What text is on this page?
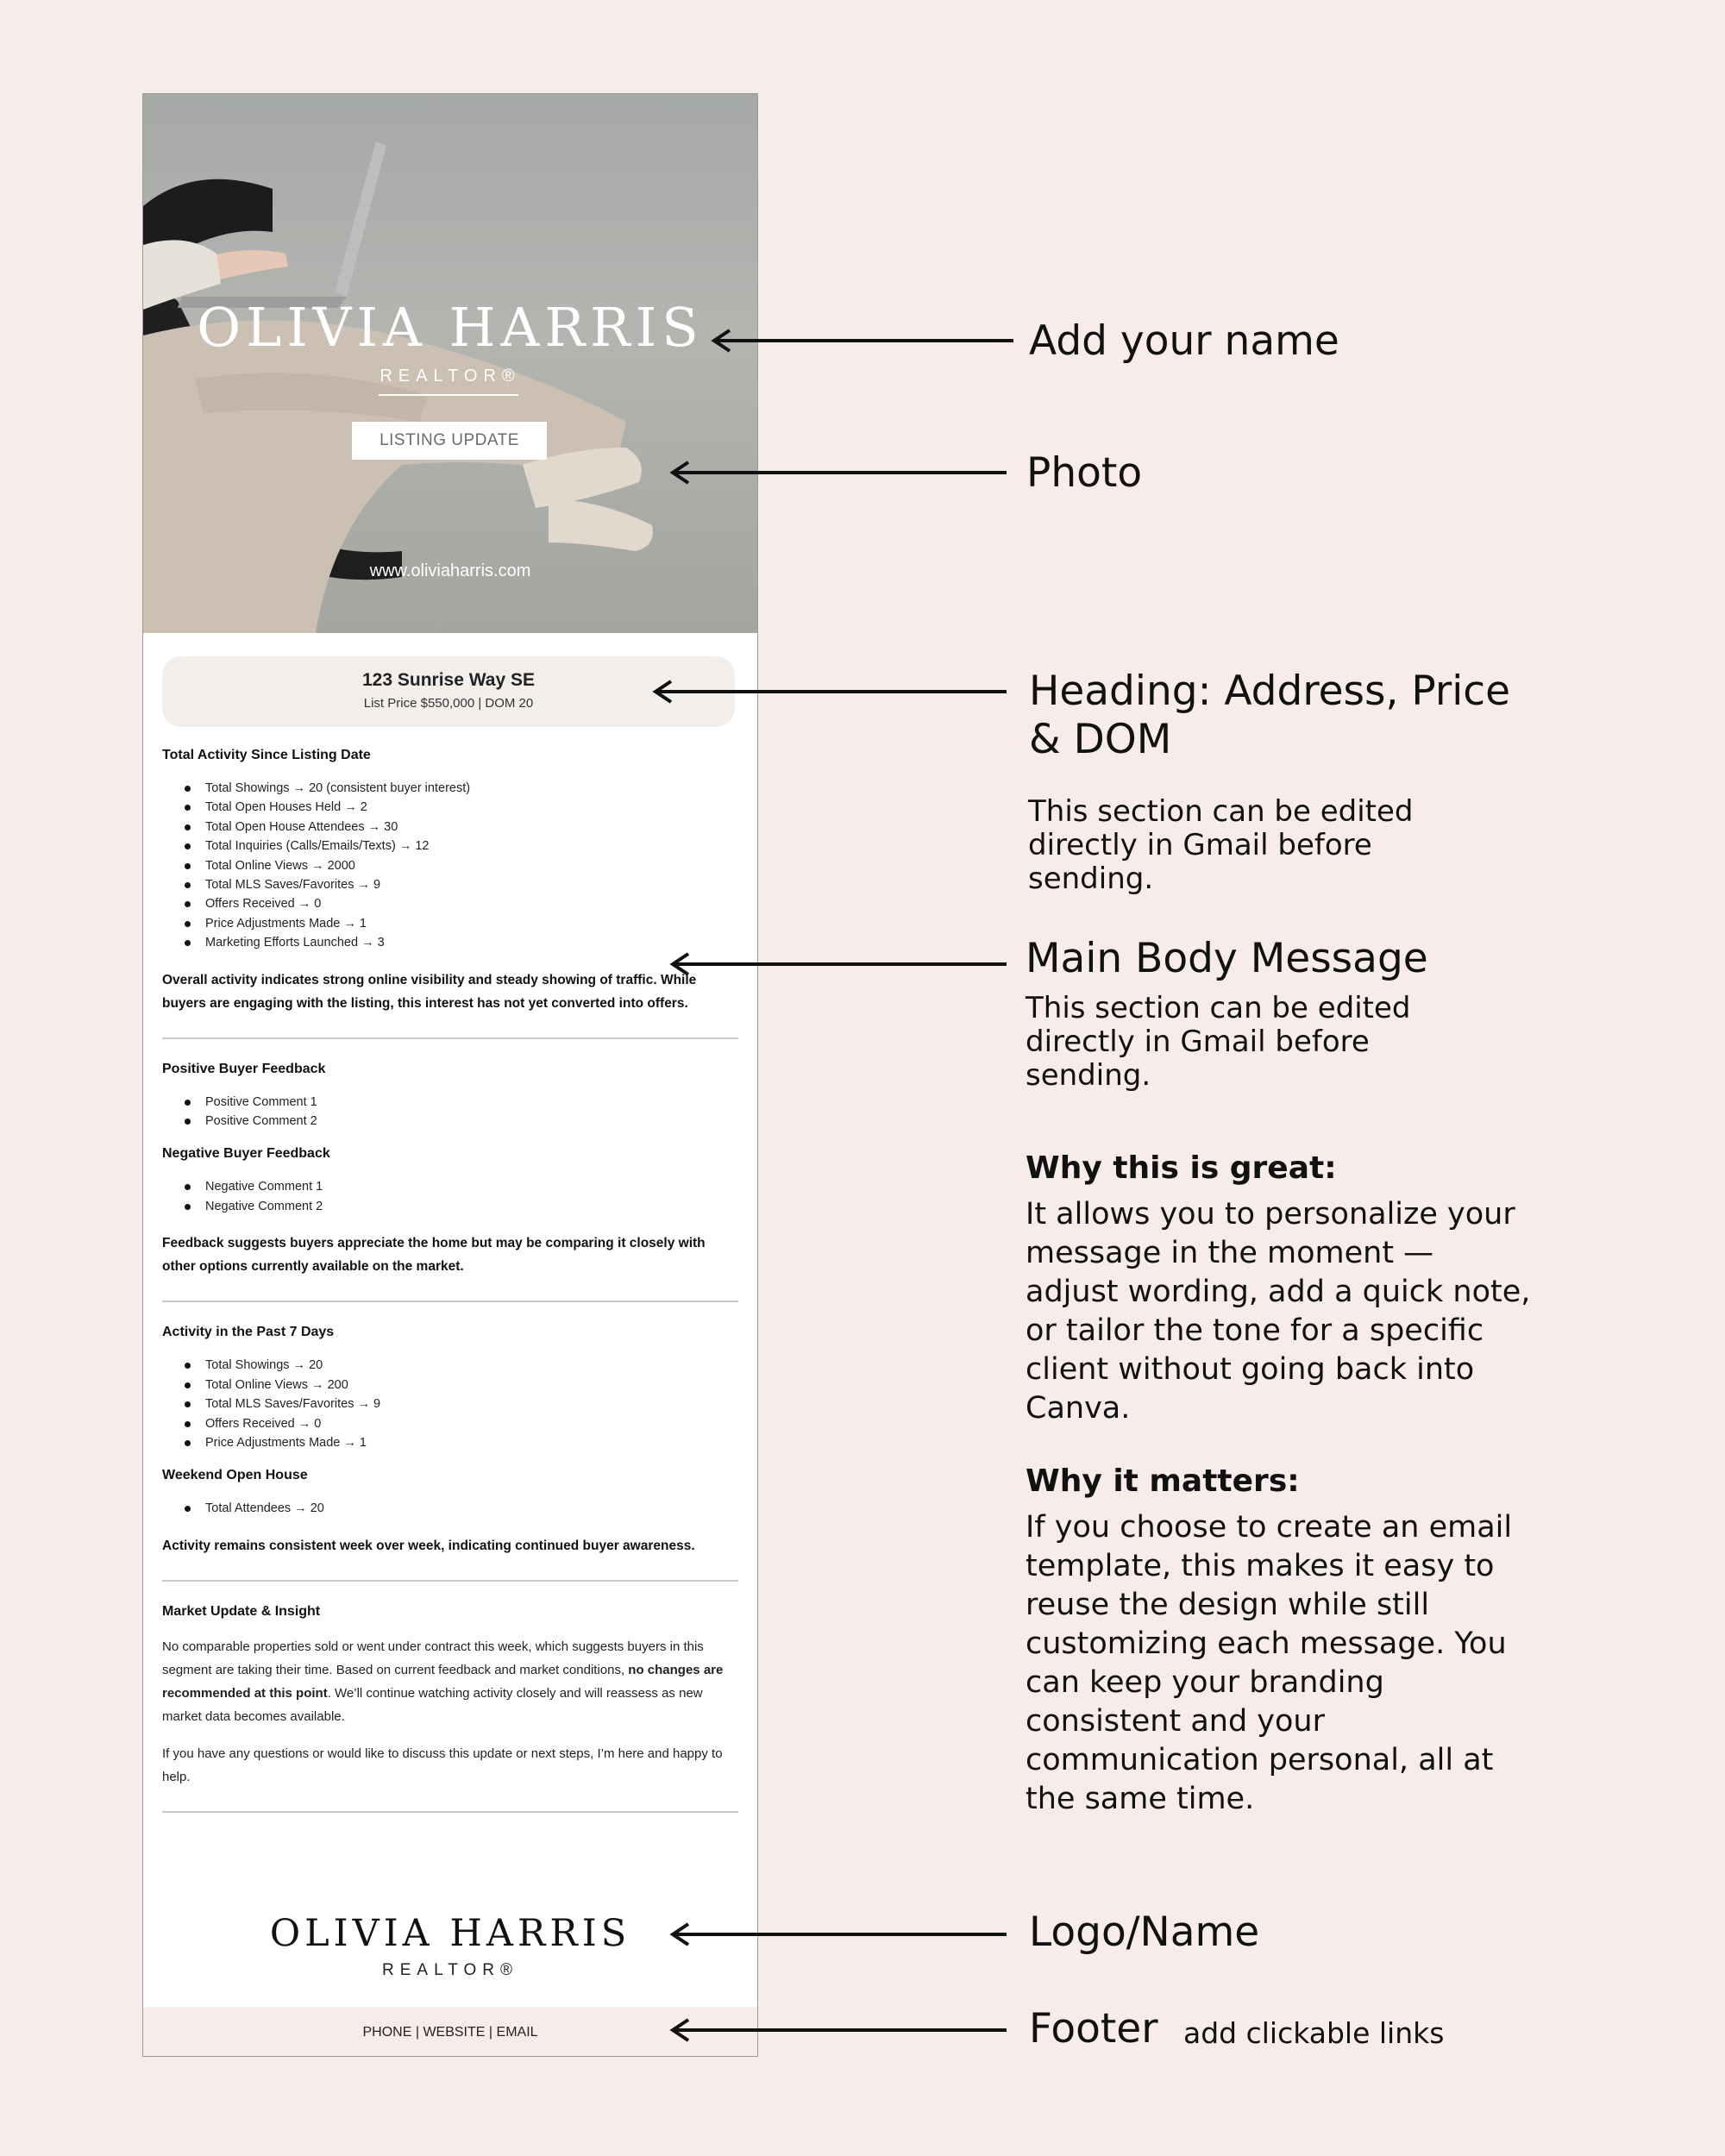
OLIVIA HARRIS
REALTOR®
LISTING UPDATE
www.oliviaharris.com
123 Sunrise Way SE
List Price $550,000 | DOM 20
Total Activity Since Listing Date
Total Showings → 20 (consistent buyer interest)
Total Open Houses Held → 2
Total Open House Attendees → 30
Total Inquiries (Calls/Emails/Texts) → 12
Total Online Views → 2000
Total MLS Saves/Favorites → 9
Offers Received → 0
Price Adjustments Made → 1
Marketing Efforts Launched → 3
Overall activity indicates strong online visibility and steady showing of traffic. While buyers are engaging with the listing, this interest has not yet converted into offers.
Positive Buyer Feedback
Positive Comment 1
Positive Comment 2
Negative Buyer Feedback
Negative Comment 1
Negative Comment 2
Feedback suggests buyers appreciate the home but may be comparing it closely with other options currently available on the market.
Activity in the Past 7 Days
Total Showings → 20
Total Online Views → 200
Total MLS Saves/Favorites → 9
Offers Received → 0
Price Adjustments Made → 1
Weekend Open House
Total Attendees → 20
Activity remains consistent week over week, indicating continued buyer awareness.
Market Update & Insight
No comparable properties sold or went under contract this week, which suggests buyers in this segment are taking their time. Based on current feedback and market conditions, no changes are recommended at this point. We’ll continue watching activity closely and will reassess as new market data becomes available.
If you have any questions or would like to discuss this update or next steps, I’m here and happy to help.
OLIVIA HARRIS
REALTOR®
PHONE
|
WEBSITE
|
EMAIL
Add your name
Photo
Heading: Address, Price
& DOM
This section can be edited directly in Gmail before sending.
Main Body Message
This section can be edited directly in Gmail before sending.
Why this is great:
It allows you to personalize your message in the moment — adjust wording, add a quick note, or tailor the tone for a specific client without going back into Canva.
Why it matters:
If you choose to create an email template, this makes it easy to reuse the design while still customizing each message. You can keep your branding consistent and your communication personal, all at the same time.
Logo/Name
Footer add clickable links
